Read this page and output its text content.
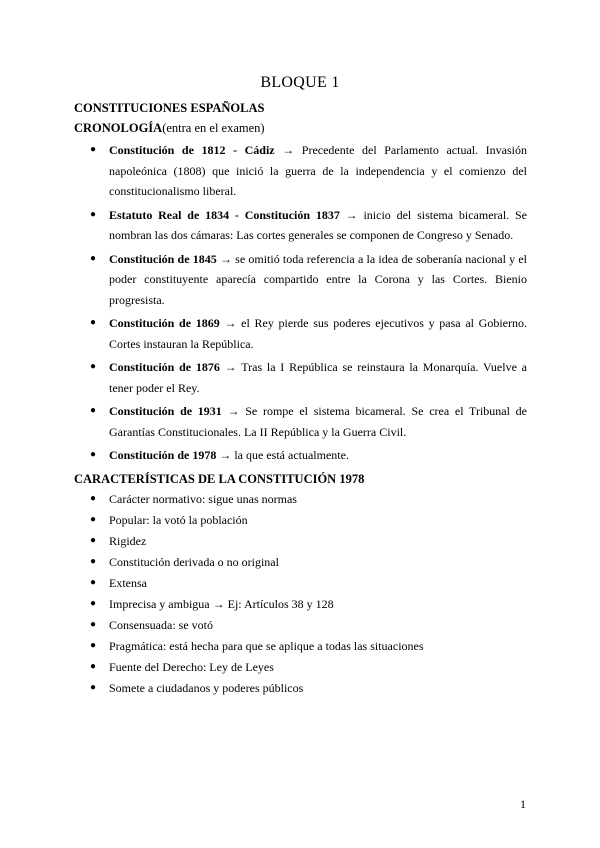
BLOQUE 1
CONSTITUCIONES ESPAÑOLAS
CRONOLOGÍA(entra en el examen)
● Constitución de 1812 - Cádiz → Precedente del Parlamento actual. Invasión napoleónica (1808) que inició la guerra de la independencia y el comienzo del constitucionalismo liberal.
● Estatuto Real de 1834 - Constitución 1837 → inicio del sistema bicameral. Se nombran las dos cámaras: Las cortes generales se componen de Congreso y Senado.
● Constitución de 1845 → se omitió toda referencia a la idea de soberanía nacional y el poder constituyente aparecía compartido entre la Corona y las Cortes. Bienio progresista.
● Constitución de 1869 → el Rey pierde sus poderes ejecutivos y pasa al Gobierno. Cortes instauran la República.
● Constitución de 1876 → Tras la I República se reinstaura la Monarquía. Vuelve a tener poder el Rey.
● Constitución de 1931 → Se rompe el sistema bicameral. Se crea el Tribunal de Garantías Constitucionales. La II República y la Guerra Civil.
● Constitución de 1978 → la que está actualmente.
CARACTERÍSTICAS DE LA CONSTITUCIÓN 1978
● Carácter normativo: sigue unas normas
● Popular: la votó la población
● Rigidez
● Constitución derivada o no original
● Extensa
● Imprecisa y ambigua → Ej: Artículos 38 y 128
● Consensuada: se votó
● Pragmática: está hecha para que se aplique a todas las situaciones
● Fuente del Derecho: Ley de Leyes
● Somete a ciudadanos y poderes públicos
1
